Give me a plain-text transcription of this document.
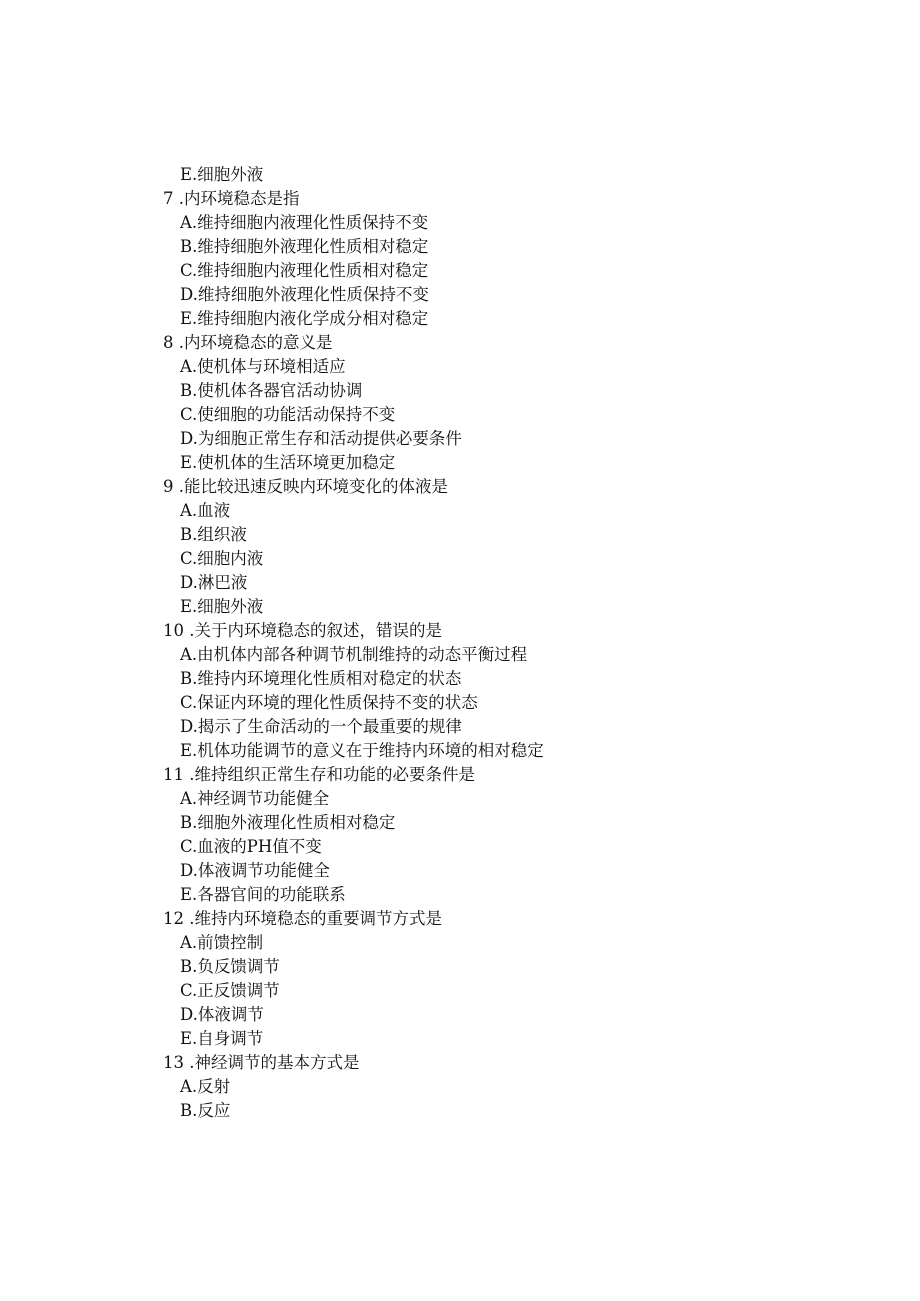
E.细胞外液
7 .内环境稳态是指
A.维持细胞内液理化性质保持不变
B.维持细胞外液理化性质相对稳定
C.维持细胞内液理化性质相对稳定
D.维持细胞外液理化性质保持不变
E.维持细胞内液化学成分相对稳定
8 .内环境稳态的意义是
A.使机体与环境相适应
B.使机体各器官活动协调
C.使细胞的功能活动保持不变
D.为细胞正常生存和活动提供必要条件
E.使机体的生活环境更加稳定
9 .能比较迅速反映内环境变化的体液是
A.血液
B.组织液
C.细胞内液
D.淋巴液
E.细胞外液
10 .关于内环境稳态的叙述，错误的是
A.由机体内部各种调节机制维持的动态平衡过程
B.维持内环境理化性质相对稳定的状态
C.保证内环境的理化性质保持不变的状态
D.揭示了生命活动的一个最重要的规律
E.机体功能调节的意义在于维持内环境的相对稳定
11 .维持组织正常生存和功能的必要条件是
A.神经调节功能健全
B.细胞外液理化性质相对稳定
C.血液的PH值不变
D.体液调节功能健全
E.各器官间的功能联系
12 .维持内环境稳态的重要调节方式是
A.前馈控制
B.负反馈调节
C.正反馈调节
D.体液调节
E.自身调节
13 .神经调节的基本方式是
A.反射
B.反应
